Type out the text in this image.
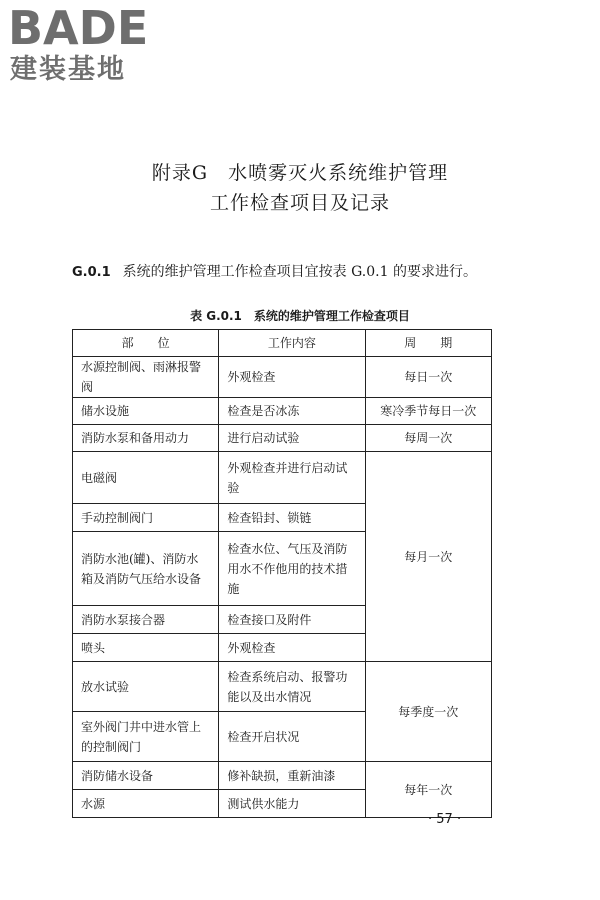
BADE
建装基地
附录G　水喷雾灭火系统维护管理
工作检查项目及记录
G.0.1 系统的维护管理工作检查项目宜按表 G.0.1 的要求进行。
表 G.0.1　系统的维护管理工作检查项目
部　　位	工作内容	周　　期
水源控制阀、雨淋报警阀	外观检查	每日一次
储水设施	检查是否冰冻	寒冷季节每日一次
消防水泵和备用动力	进行启动试验	每周一次
电磁阀	外观检查并进行启动试验	每月一次
手动控制阀门	检查铅封、锁链	
消防水池(罐)、消防水箱及消防气压给水设备	检查水位、气压及消防用水不作他用的技术措施	
消防水泵接合器	检查接口及附件	
喷头	外观检查	
放水试验	检查系统启动、报警功能以及出水情况	每季度一次
室外阀门井中进水管上的控制阀门	检查开启状况	
消防储水设备	修补缺损，重新油漆	每年一次
水源	测试供水能力	
· 57 ·
